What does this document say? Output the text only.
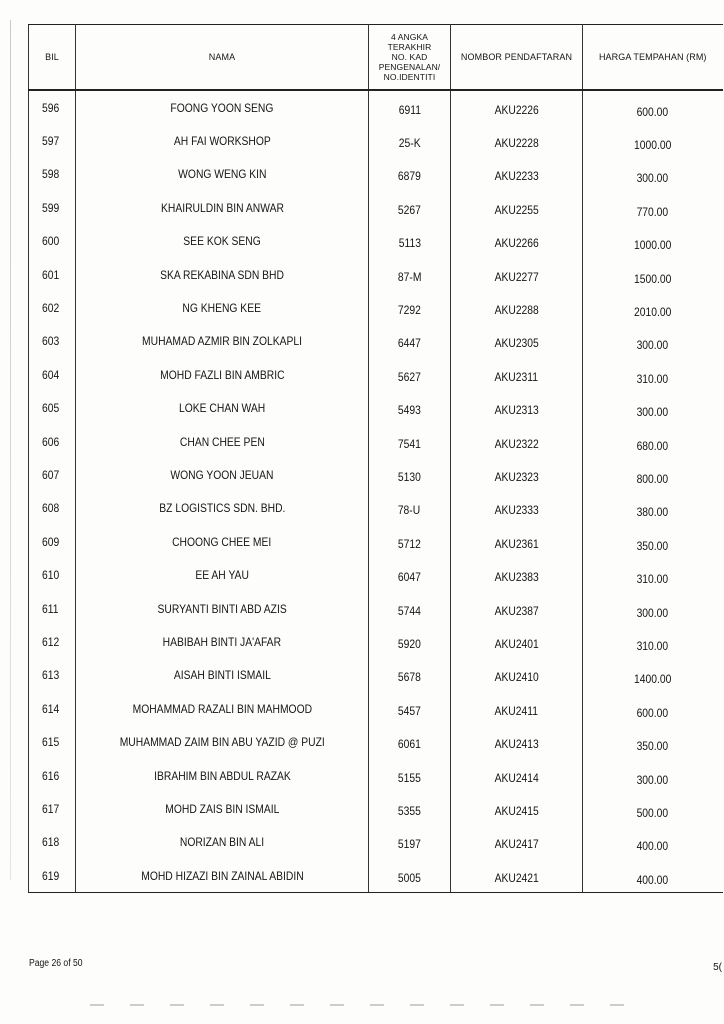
BIL	NAMA	4 ANGKA TERAKHIR
NO. KAD
PENGENALAN/
NO.IDENTITI	NOMBOR PENDAFTARAN	HARGA TEMPAHAN (RM)
596	FOONG YOON SENG	6911	AKU2226	600.00
597	AH FAI WORKSHOP	25-K	AKU2228	1000.00
598	WONG WENG KIN	6879	AKU2233	300.00
599	KHAIRULDIN BIN ANWAR	5267	AKU2255	770.00
600	SEE KOK SENG	5113	AKU2266	1000.00
601	SKA REKABINA SDN BHD	87-M	AKU2277	1500.00
602	NG KHENG KEE	7292	AKU2288	2010.00
603	MUHAMAD AZMIR BIN ZOLKAPLI	6447	AKU2305	300.00
604	MOHD FAZLI BIN AMBRIC	5627	AKU2311	310.00
605	LOKE CHAN WAH	5493	AKU2313	300.00
606	CHAN CHEE PEN	7541	AKU2322	680.00
607	WONG YOON JEUAN	5130	AKU2323	800.00
608	BZ LOGISTICS SDN. BHD.	78-U	AKU2333	380.00
609	CHOONG CHEE MEI	5712	AKU2361	350.00
610	EE AH YAU	6047	AKU2383	310.00
611	SURYANTI BINTI ABD AZIS	5744	AKU2387	300.00
612	HABIBAH BINTI JA'AFAR	5920	AKU2401	310.00
613	AISAH BINTI ISMAIL	5678	AKU2410	1400.00
614	MOHAMMAD RAZALI BIN MAHMOOD	5457	AKU2411	600.00
615	MUHAMMAD ZAIM BIN ABU YAZID @ PUZI	6061	AKU2413	350.00
616	IBRAHIM BIN ABDUL RAZAK	5155	AKU2414	300.00
617	MOHD ZAIS BIN ISMAIL	5355	AKU2415	500.00
618	NORIZAN BIN ALI	5197	AKU2417	400.00
619	MOHD HIZAZI BIN ZAINAL ABIDIN	5005	AKU2421	400.00
Page 26 of 50	5(
